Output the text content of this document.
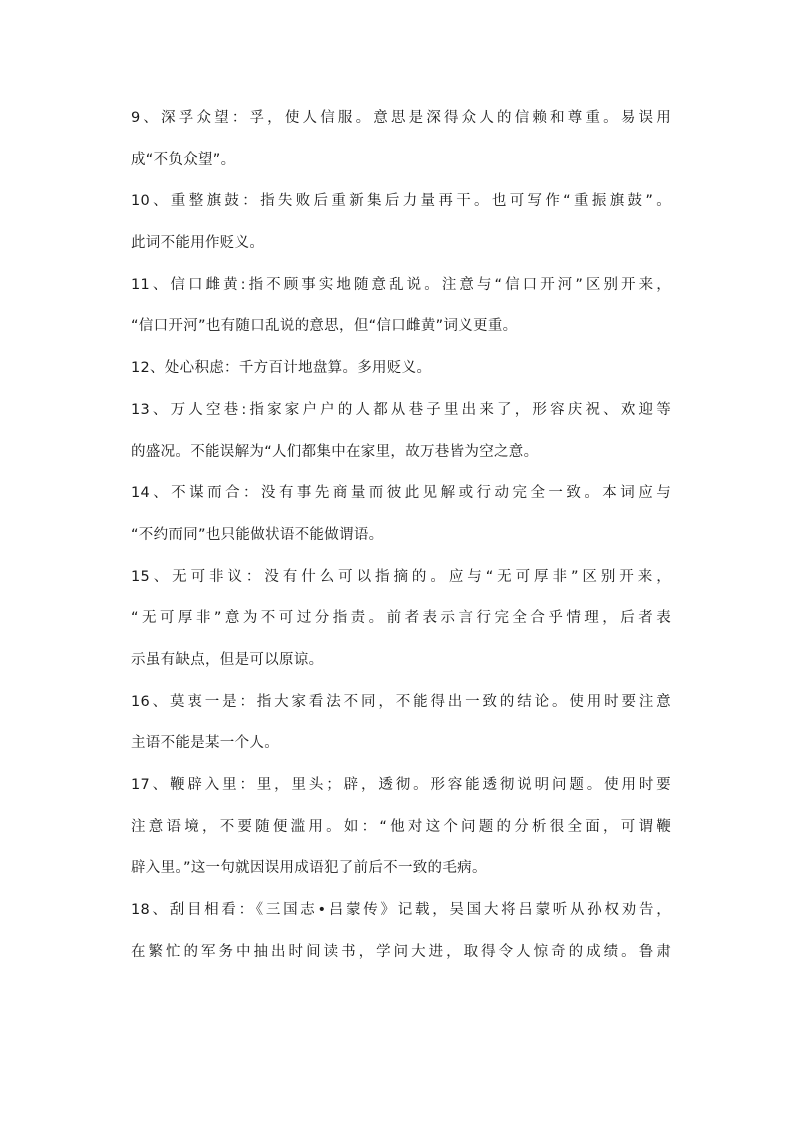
9、深孚众望：孚，使人信服。意思是深得众人的信赖和尊重。易误用
成“不负众望”。
10、重整旗鼓：指失败后重新集后力量再干。也可写作“重振旗鼓”。
此词不能用作贬义。
11、信口雌黄:指不顾事实地随意乱说。注意与“信口开河”区别开来，
“信口开河”也有随口乱说的意思，但“信口雌黄”词义更重。
12、处心积虑：千方百计地盘算。多用贬义。
13、万人空巷:指家家户户的人都从巷子里出来了，形容庆祝、欢迎等
的盛况。不能误解为“人们都集中在家里，故万巷皆为空之意。
14、不谋而合：没有事先商量而彼此见解或行动完全一致。本词应与
“不约而同”也只能做状语不能做谓语。
15、无可非议：没有什么可以指摘的。应与“无可厚非”区别开来，
“无可厚非”意为不可过分指责。前者表示言行完全合乎情理，后者表
示虽有缺点，但是可以原谅。
16、莫衷一是：指大家看法不同，不能得出一致的结论。使用时要注意
主语不能是某一个人。
17、鞭辟入里：里，里头；辟，透彻。形容能透彻说明问题。使用时要
注意语境，不要随便滥用。如：“他对这个问题的分析很全面，可谓鞭
辟入里。”这一句就因误用成语犯了前后不一致的毛病。
18、刮目相看：《三国志•吕蒙传》记载，吴国大将吕蒙听从孙权劝告，
在繁忙的军务中抽出时间读书，学问大进，取得令人惊奇的成绩。鲁肃
